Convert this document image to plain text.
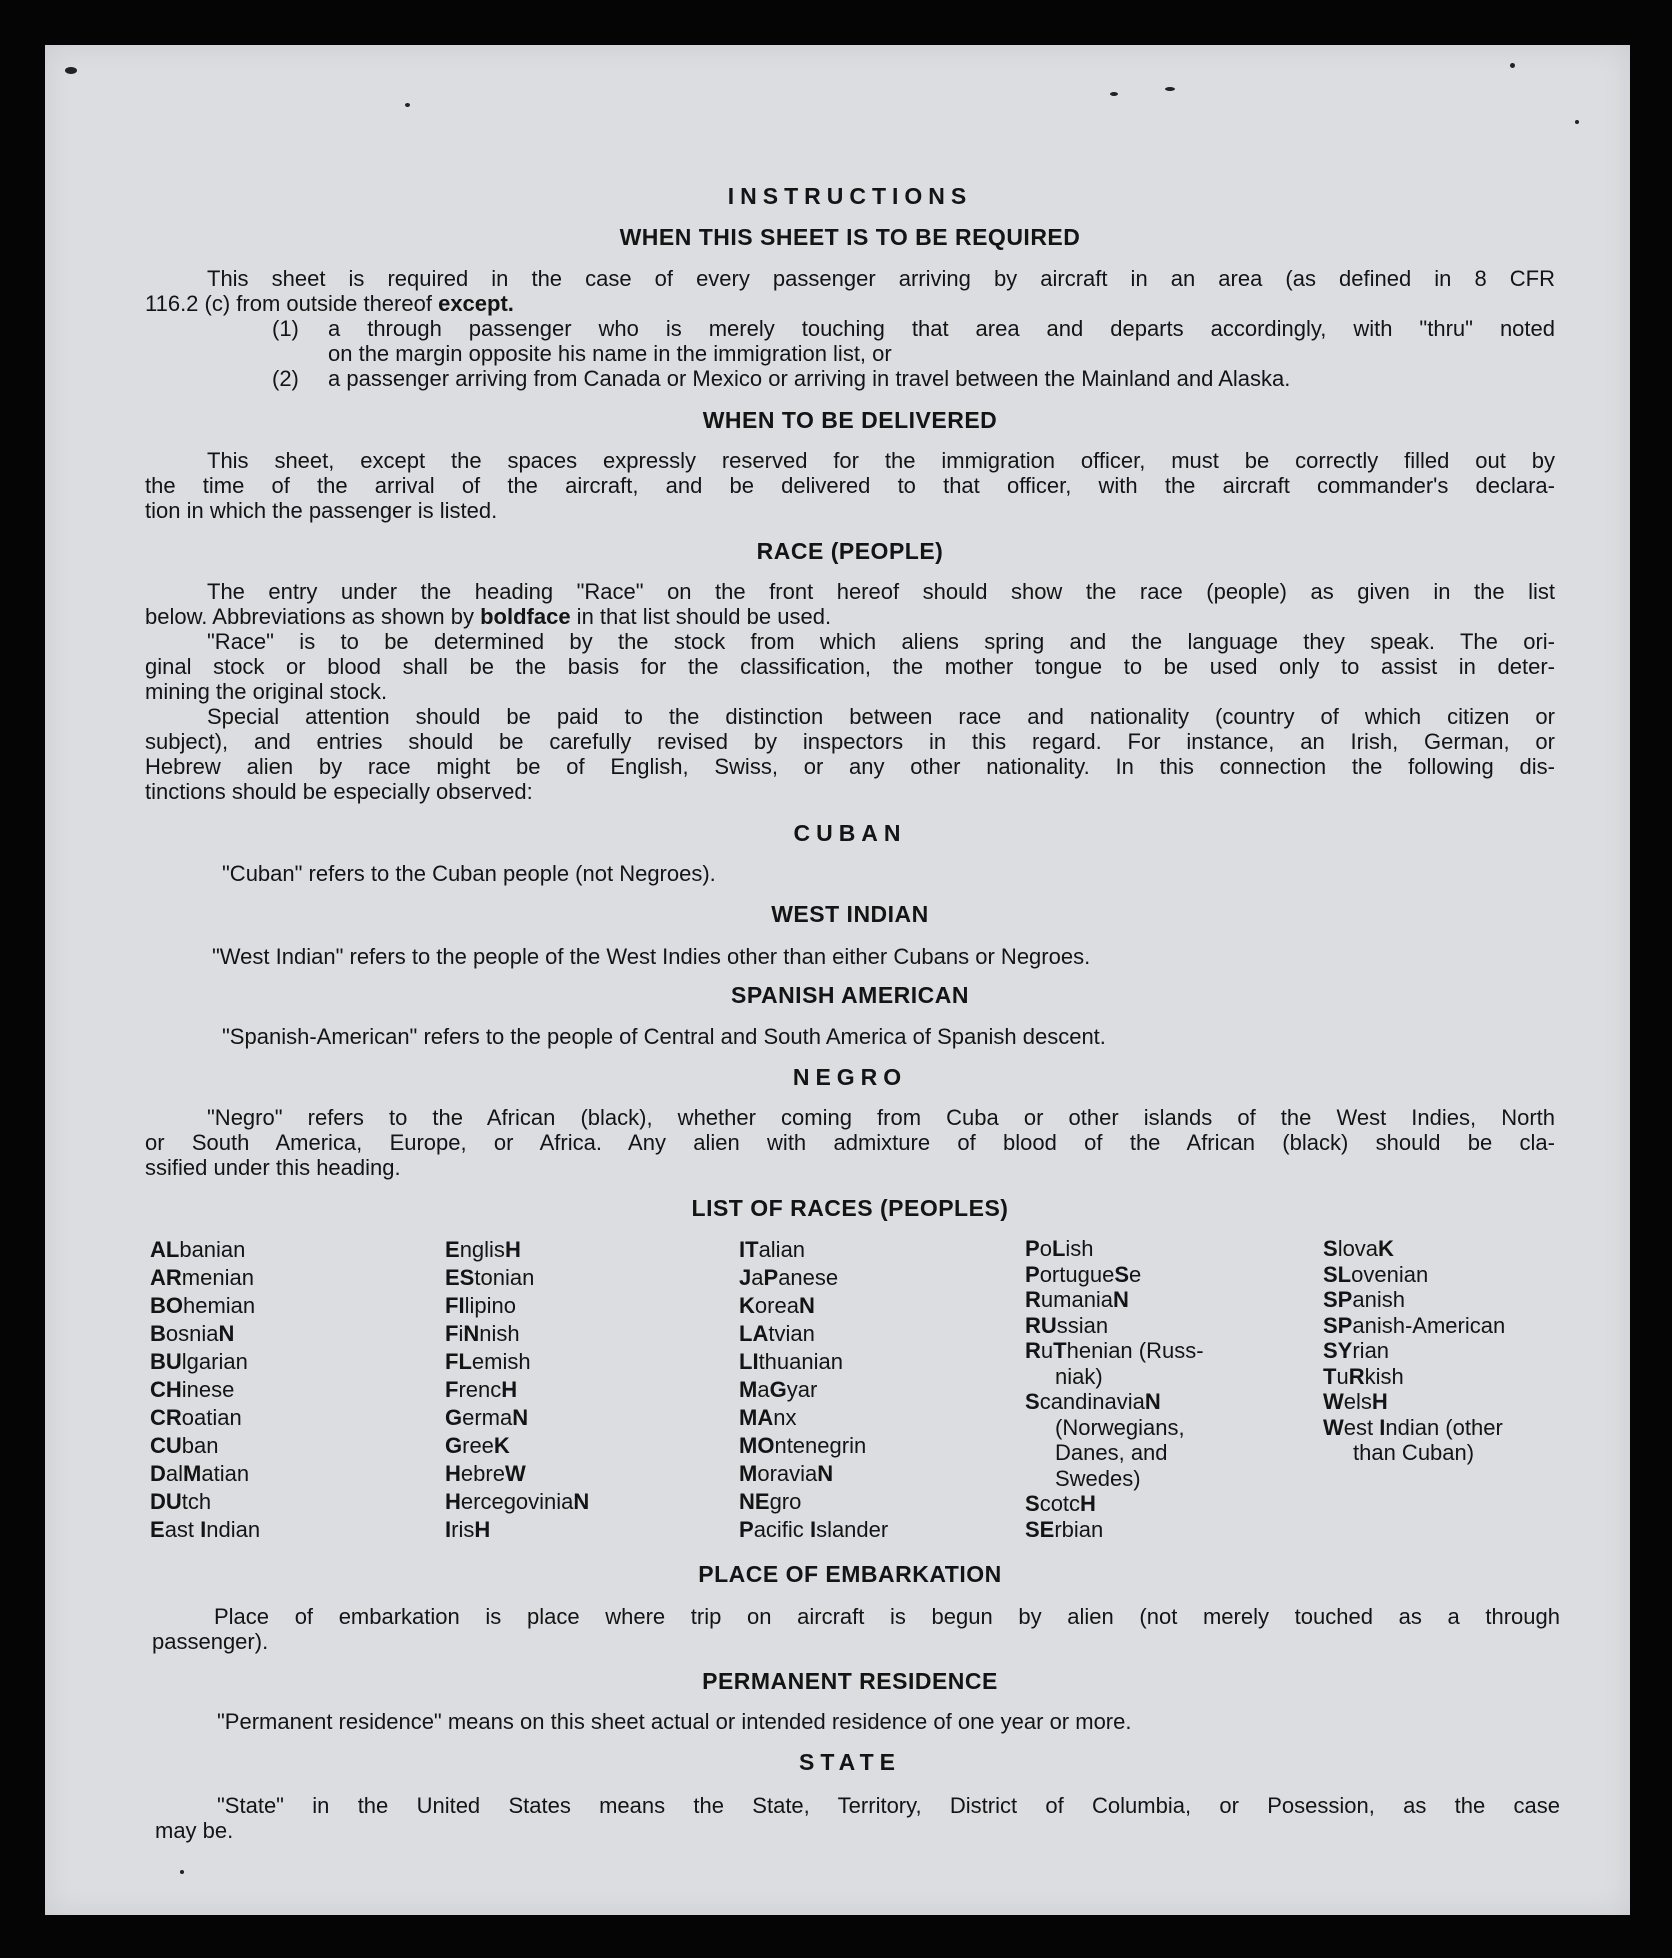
INSTRUCTIONS
WHEN THIS SHEET IS TO BE REQUIRED
This sheet is required in the case of every passenger arriving by aircraft in an area (as defined in 8 CFR
116.2 (c) from outside thereof except.
a through passenger who is merely touching that area and departs accordingly, with "thru" noted
(1)
on the margin opposite his name in the immigration list, or
a passenger arriving from Canada or Mexico or arriving in travel between the Mainland and Alaska.
(2)
WHEN TO BE DELIVERED
This sheet, except the spaces expressly reserved for the immigration officer, must be correctly filled out by
the time of the arrival of the aircraft, and be delivered to that officer, with the aircraft commander's declara-
tion in which the passenger is listed.
RACE (PEOPLE)
The entry under the heading "Race" on the front hereof should show the race (people) as given in the list
below. Abbreviations as shown by boldface in that list should be used.
"Race" is to be determined by the stock from which aliens spring and the language they speak. The ori-
ginal stock or blood shall be the basis for the classification, the mother tongue to be used only to assist in deter-
mining the original stock.
Special attention should be paid to the distinction between race and nationality (country of which citizen or
subject), and entries should be carefully revised by inspectors in this regard. For instance, an Irish, German, or
Hebrew alien by race might be of English, Swiss, or any other nationality. In this connection the following dis-
tinctions should be especially observed:
CUBAN
"Cuban" refers to the Cuban people (not Negroes).
WEST INDIAN
"West Indian" refers to the people of the West Indies other than either Cubans or Negroes.
SPANISH AMERICAN
"Spanish-American" refers to the people of Central and South America of Spanish descent.
NEGRO
"Negro" refers to the African (black), whether coming from Cuba or other islands of the West Indies, North
or South America, Europe, or Africa. Any alien with admixture of blood of the African (black) should be cla-
ssified under this heading.
LIST OF RACES (PEOPLES)
ALbanian
ARmenian
BOhemian
BosniaN
BUlgarian
CHinese
CRoatian
CUban
DalMatian
DUtch
East Indian
EnglisH
EStonian
FIlipino
FiNnish
FLemish
FrencH
GermaN
GreeK
HebreW
HercegoviniaN
IrisH
ITalian
JaPanese
KoreaN
LAtvian
LIthuanian
MaGyar
MAnx
MOntenegrin
MoraviaN
NEgro
Pacific Islander
PoLish
PortugueSe
RumaniaN
RUssian
RuThenian (Russ-
niak)
ScandinaviaN
(Norwegians,
Danes, and
Swedes)
ScotcH
SErbian
SlovaK
SLovenian
SPanish
SPanish-American
SYrian
TuRkish
WelsH
West Indian (other
than Cuban)
PLACE OF EMBARKATION
Place of embarkation is place where trip on aircraft is begun by alien (not merely touched as a through
passenger).
PERMANENT RESIDENCE
"Permanent residence" means on this sheet actual or intended residence of one year or more.
STATE
"State" in the United States means the State, Territory, District of Columbia, or Posession, as the case
may be.
